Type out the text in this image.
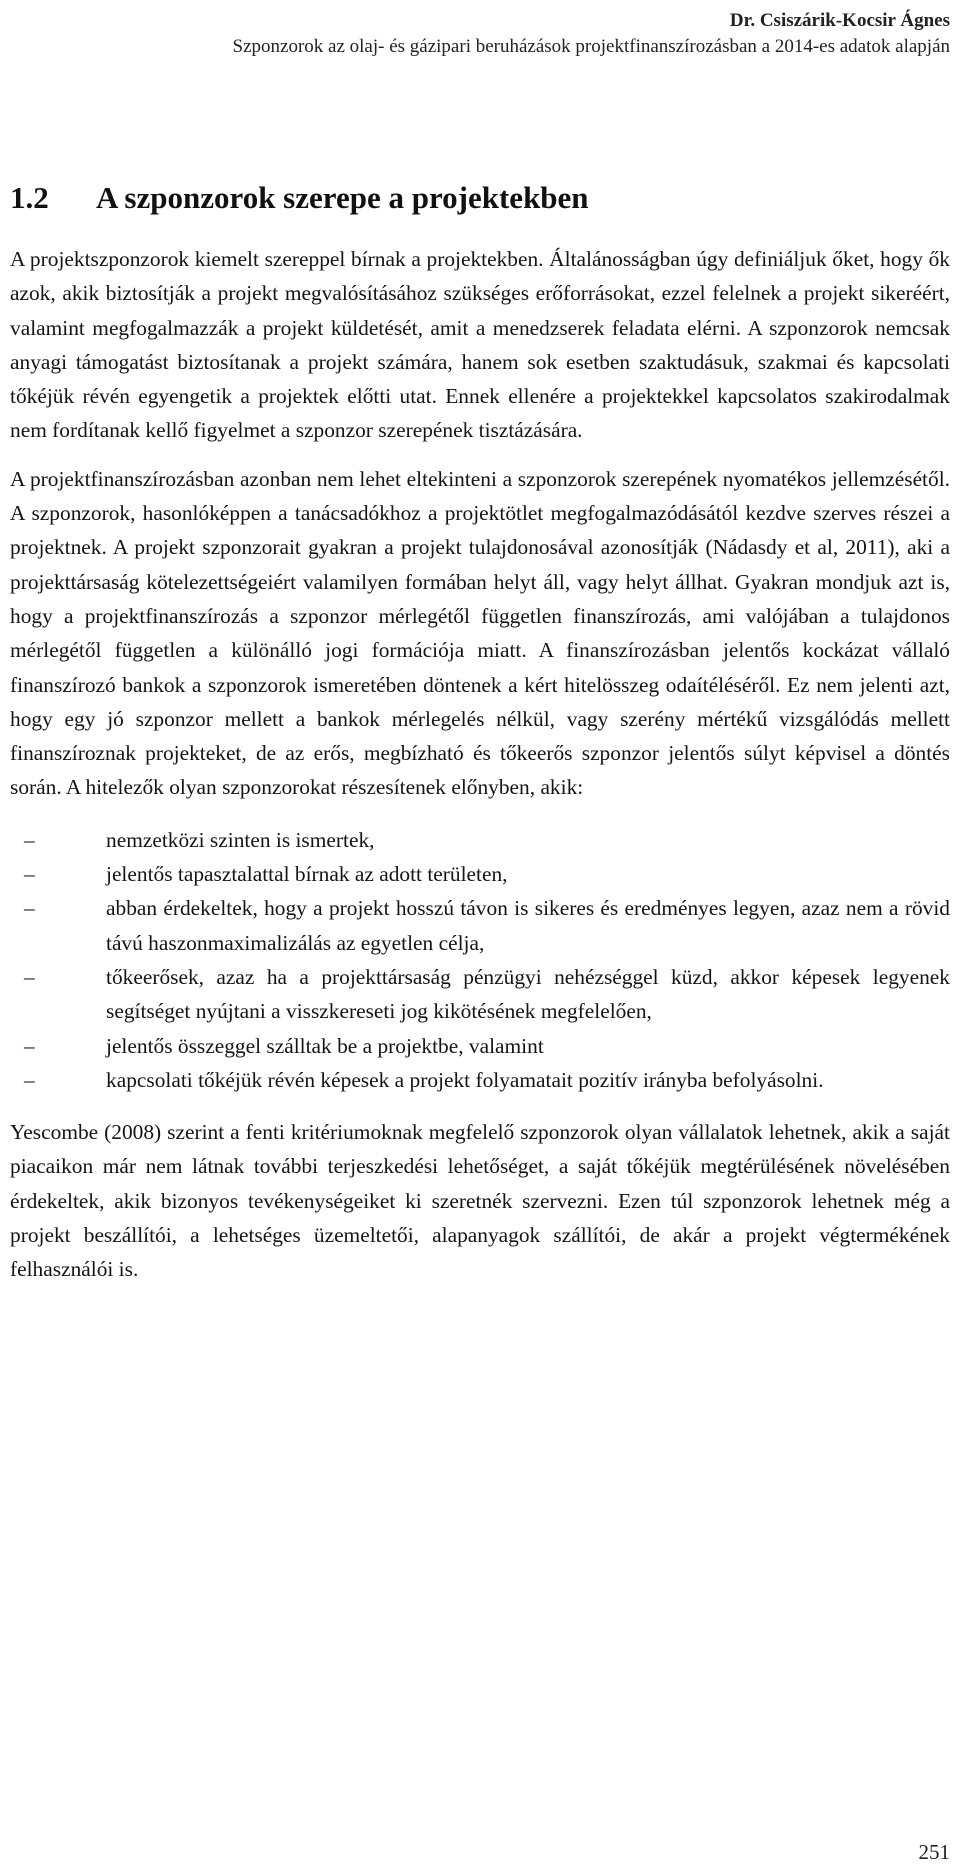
Dr. Csiszárik-Kocsir Ágnes
Szponzorok az olaj- és gázipari beruházások projektfinanszírozásban a 2014-es adatok alapján
1.2	A szponzorok szerepe a projektekben

A projektszponzorok kiemelt szereppel bírnak a projektekben. Általánosságban úgy definiáljuk őket, hogy ők azok, akik biztosítják a projekt megvalósításához szükséges erőforrásokat, ezzel felelnek a projekt sikeréért, valamint megfogalmazzák a projekt küldetését, amit a menedzserek feladata elérni. A szponzorok nemcsak anyagi támogatást biztosítanak a projekt számára, hanem sok esetben szaktudásuk, szakmai és kapcsolati tőkéjük révén egyengetik a projektek előtti utat. Ennek ellenére a projektekkel kapcsolatos szakirodalmak nem fordítanak kellő figyelmet a szponzor szerepének tisztázására.

A projektfinanszírozásban azonban nem lehet eltekinteni a szponzorok szerepének nyomatékos jellemzésétől. A szponzorok, hasonlóképpen a tanácsadókhoz a projektötlet megfogalmazódásától kezdve szerves részei a projektnek. A projekt szponzorait gyakran a projekt tulajdonosával azonosítják (Nádasdy et al, 2011), aki a projekttársaság kötelezettségeiért valamilyen formában helyt áll, vagy helyt állhat. Gyakran mondjuk azt is, hogy a projektfinanszírozás a szponzor mérlegétől független finanszírozás, ami valójában a tulajdonos mérlegétől független a különálló jogi formációja miatt. A finanszírozásban jelentős kockázat vállaló finanszírozó bankok a szponzorok ismeretében döntenek a kért hitelösszeg odaítéléséről. Ez nem jelenti azt, hogy egy jó szponzor mellett a bankok mérlegelés nélkül, vagy szerény mértékű vizsgálódás mellett finanszíroznak projekteket, de az erős, megbízható és tőkeerős szponzor jelentős súlyt képvisel a döntés során. A hitelezők olyan szponzorokat részesítenek előnyben, akik:

–	nemzetközi szinten is ismertek,
–	jelentős tapasztalattal bírnak az adott területen,
–	abban érdekeltek, hogy a projekt hosszú távon is sikeres és eredményes legyen, azaz nem a rövid távú haszonmaximalizálás az egyetlen célja,
–	tőkeerősek, azaz ha a projekttársaság pénzügyi nehézséggel küzd, akkor képesek legyenek segítséget nyújtani a visszkereseti jog kikötésének megfelelően,
–	jelentős összeggel szálltak be a projektbe, valamint
–	kapcsolati tőkéjük révén képesek a projekt folyamatait pozitív irányba befolyásolni.

Yescombe (2008) szerint a fenti kritériumoknak megfelelő szponzorok olyan vállalatok lehetnek, akik a saját piacaikon már nem látnak további terjeszkedési lehetőséget, a saját tőkéjük megtérülésének növelésében érdekeltek, akik bizonyos tevékenységeiket ki szeretnék szervezni. Ezen túl szponzorok lehetnek még a projekt beszállítói, a lehetséges üzemeltetői, alapanyagok szállítói, de akár a projekt végtermékének felhasználói is.

251
